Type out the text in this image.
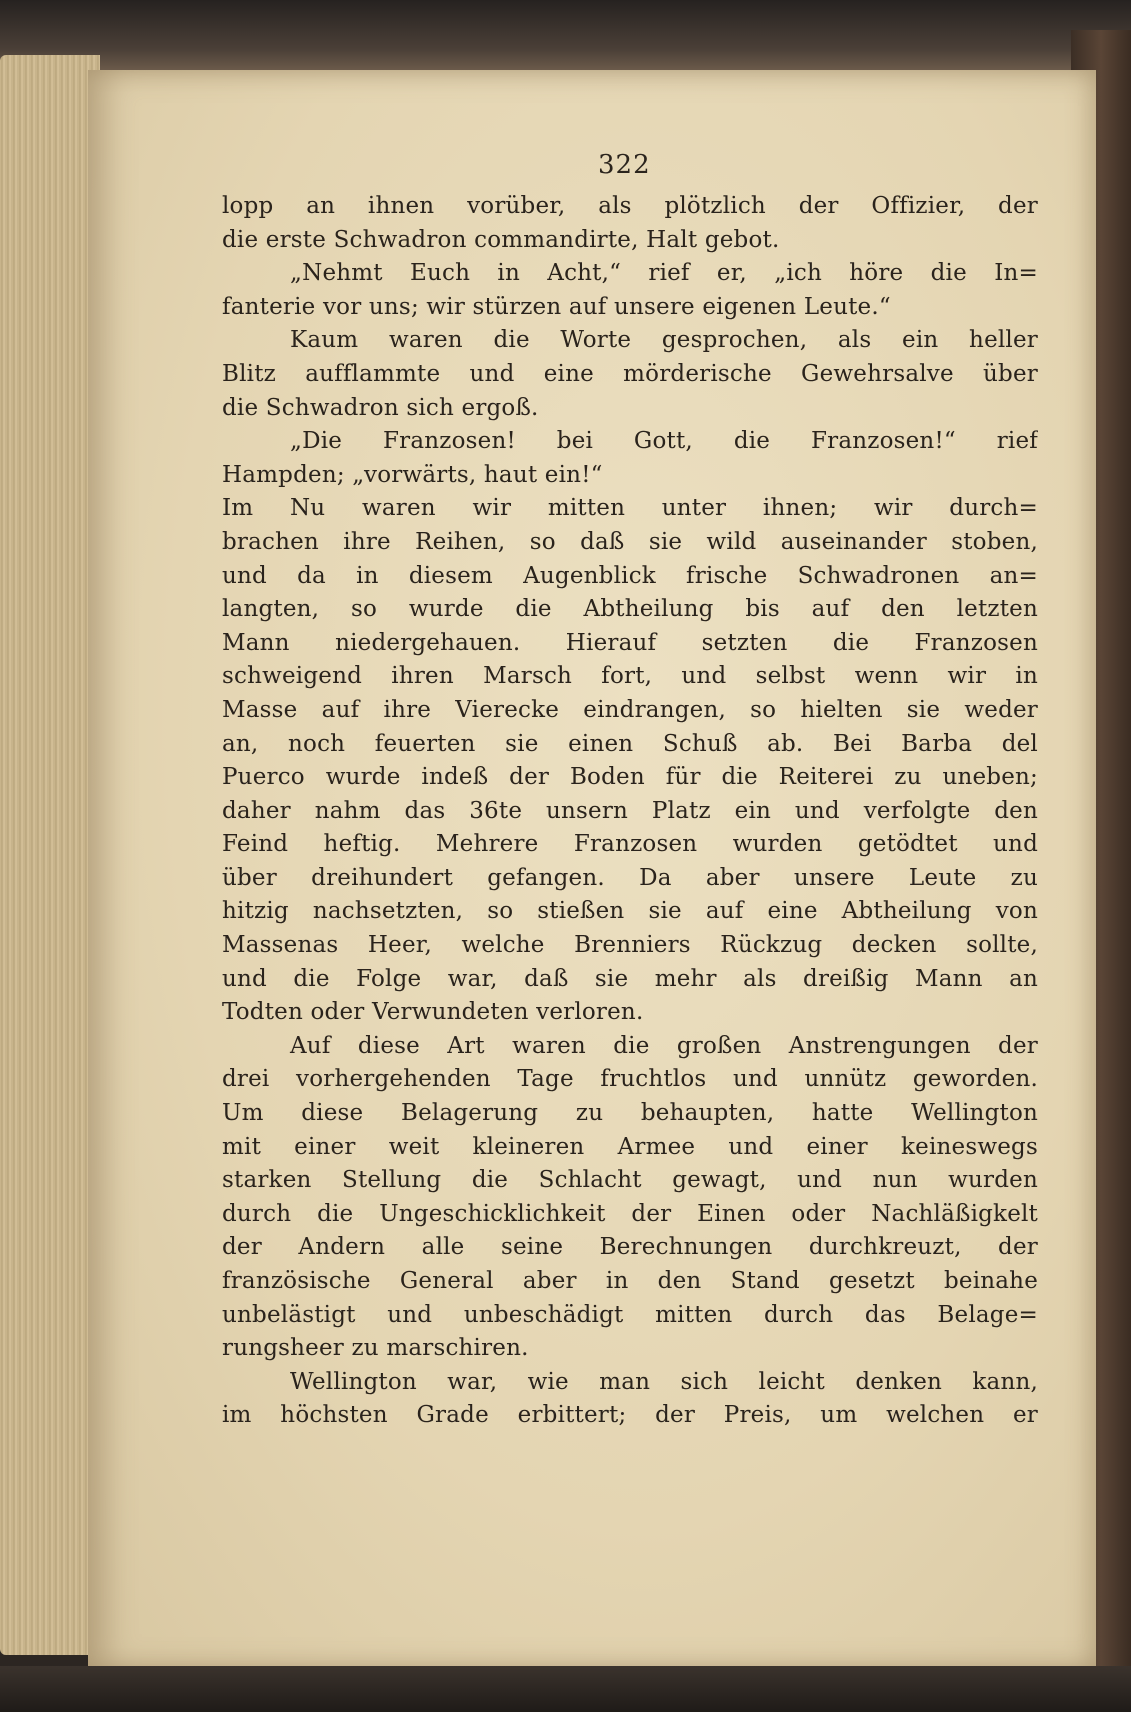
322
lopp an ihnen vorüber, als plötzlich der Offizier, der
die erste Schwadron commandirte, Halt gebot.
„Nehmt Euch in Acht,“ rief er, „ich höre die In=
fanterie vor uns; wir stürzen auf unsere eigenen Leute.“
Kaum waren die Worte gesprochen, als ein heller
Blitz aufflammte und eine mörderische Gewehrsalve über
die Schwadron sich ergoß.
„Die Franzosen! bei Gott, die Franzosen!“ rief
Hampden; „vorwärts, haut ein!“
Im Nu waren wir mitten unter ihnen; wir durch=
brachen ihre Reihen, so daß sie wild auseinander stoben,
und da in diesem Augenblick frische Schwadronen an=
langten, so wurde die Abtheilung bis auf den letzten
Mann niedergehauen. Hierauf setzten die Franzosen
schweigend ihren Marsch fort, und selbst wenn wir in
Masse auf ihre Vierecke eindrangen, so hielten sie weder
an, noch feuerten sie einen Schuß ab. Bei Barba del
Puerco wurde indeß der Boden für die Reiterei zu uneben;
daher nahm das 36te unsern Platz ein und verfolgte den
Feind heftig. Mehrere Franzosen wurden getödtet und
über dreihundert gefangen. Da aber unsere Leute zu
hitzig nachsetzten, so stießen sie auf eine Abtheilung von
Massenas Heer, welche Brenniers Rückzug decken sollte,
und die Folge war, daß sie mehr als dreißig Mann an
Todten oder Verwundeten verloren.
Auf diese Art waren die großen Anstrengungen der
drei vorhergehenden Tage fruchtlos und unnütz geworden.
Um diese Belagerung zu behaupten, hatte Wellington
mit einer weit kleineren Armee und einer keineswegs
starken Stellung die Schlacht gewagt, und nun wurden
durch die Ungeschicklichkeit der Einen oder Nachläßigkelt
der Andern alle seine Berechnungen durchkreuzt, der
französische General aber in den Stand gesetzt beinahe
unbelästigt und unbeschädigt mitten durch das Belage=
rungsheer zu marschiren.
Wellington war, wie man sich leicht denken kann,
im höchsten Grade erbittert; der Preis, um welchen er
